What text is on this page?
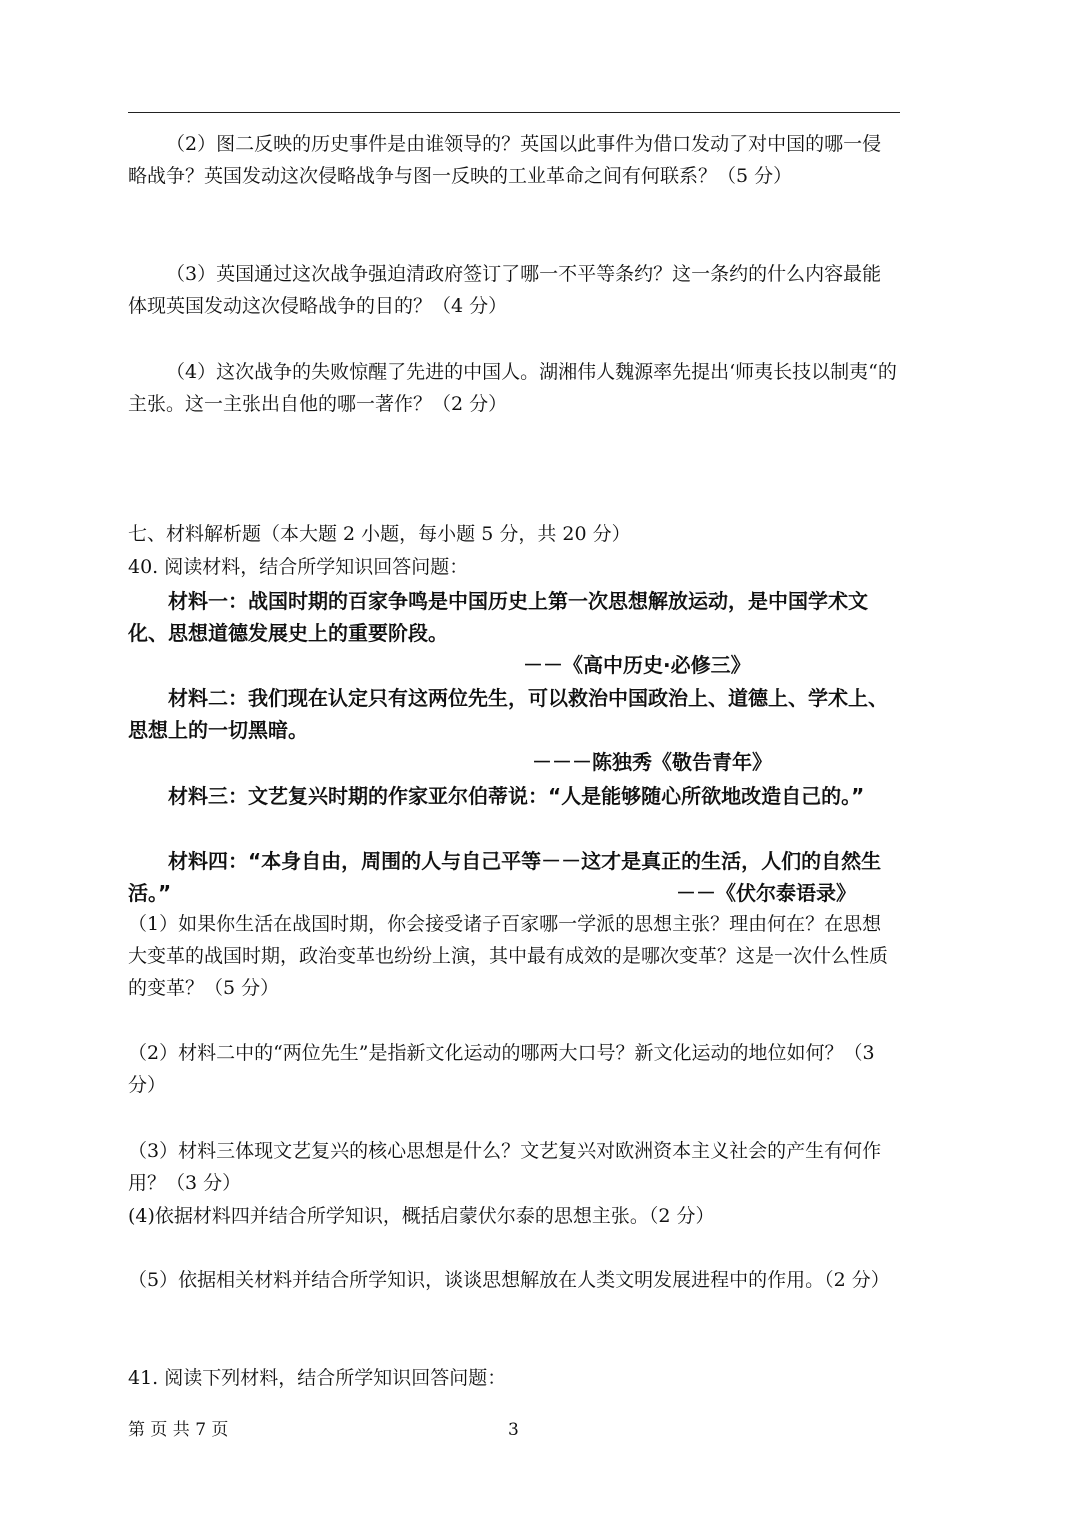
（2）图二反映的历史事件是由谁领导的？英国以此事件为借口发动了对中国的哪一侵略战争？英国发动这次侵略战争与图一反映的工业革命之间有何联系？（5 分）

（3）英国通过这次战争强迫清政府签订了哪一不平等条约？这一条约的什么内容最能体现英国发动这次侵略战争的目的？（4 分）

（4）这次战争的失败惊醒了先进的中国人。湖湘伟人魏源率先提出‘师夷长技以制夷“的主张。这一主张出自他的哪一著作？（2 分）

七、材料解析题（本大题 2 小题，每小题 5 分，共 20 分）

40. 阅读材料，结合所学知识回答问题：

材料一：战国时期的百家争鸣是中国历史上第一次思想解放运动，是中国学术文化、思想道德发展史上的重要阶段。

－－《高中历史·必修三》

材料二：我们现在认定只有这两位先生，可以救治中国政治上、道德上、学术上、思想上的一切黑暗。

－－－陈独秀《敬告青年》

材料三：文艺复兴时期的作家亚尔伯蒂说：“人是能够随心所欲地改造自己的。”

材料四：“本身自由，周围的人与自己平等－－这才是真正的生活，人们的自然生活。”	－－《伏尔泰语录》

（1）如果你生活在战国时期，你会接受诸子百家哪一学派的思想主张？理由何在？在思想大变革的战国时期，政治变革也纷纷上演，其中最有成效的是哪次变革？这是一次什么性质的变革？（5 分）

（2）材料二中的“两位先生”是指新文化运动的哪两大口号？新文化运动的地位如何？（3 分）

（3）材料三体现文艺复兴的核心思想是什么？文艺复兴对欧洲资本主义社会的产生有何作用？（3 分）

(4)依据材料四并结合所学知识，概括启蒙伏尔泰的思想主张。（2 分）

（5）依据相关材料并结合所学知识，谈谈思想解放在人类文明发展进程中的作用。（2 分）

41. 阅读下列材料，结合所学知识回答问题：

第 页 共 7 页	3
